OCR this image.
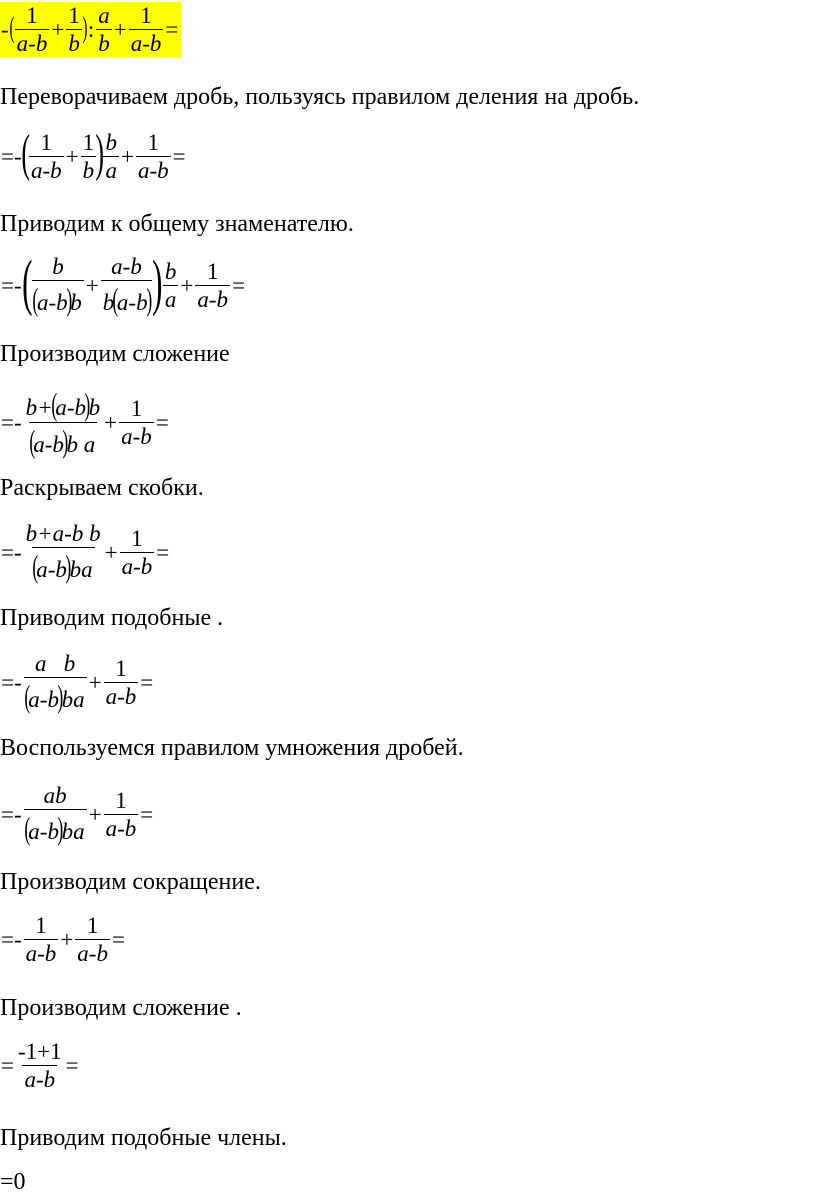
- ( $\frac{1}{a-b} + \frac{1}{b}$ ) : $\frac{a}{b} + \frac{1}{a-b}$ =
Переворачиваем дробь, пользуясь правилом деления на дробь.
=- ( $\frac{1}{a-b} + \frac{1}{b}$ ) $\frac{b}{a} + \frac{1}{a-b}$ =
Приводим к общему знаменателю.
=- ( $\frac{b}{(a-b)b} + \frac{a-b}{b(a-b)}$ ) $\frac{b}{a} + \frac{1}{a-b}$ =
Производим сложение
=- $\frac{b+(a-b)b}{\text{(a-b)b a}} + \frac{1}{a-b}$ =
Раскрываем скобки.
=- $\frac{\text{b+a-b b}}{(a-b)ba} + \frac{1}{a-b}$ =
Приводим подобные .
=- $\frac{\text{a   b}}{(a-b)ba} + \frac{1}{a-b}$ =
Воспользуемся правилом умножения дробей.
=- $\frac{ab}{(a-b)ba} + \frac{1}{a-b}$ =
Производим сокращение.
=- $\frac{1}{a-b} + \frac{1}{a-b}$ =
Производим сложение .
= $\frac{-1+1}{a-b}$ =
Приводим подобные члены.
=0
